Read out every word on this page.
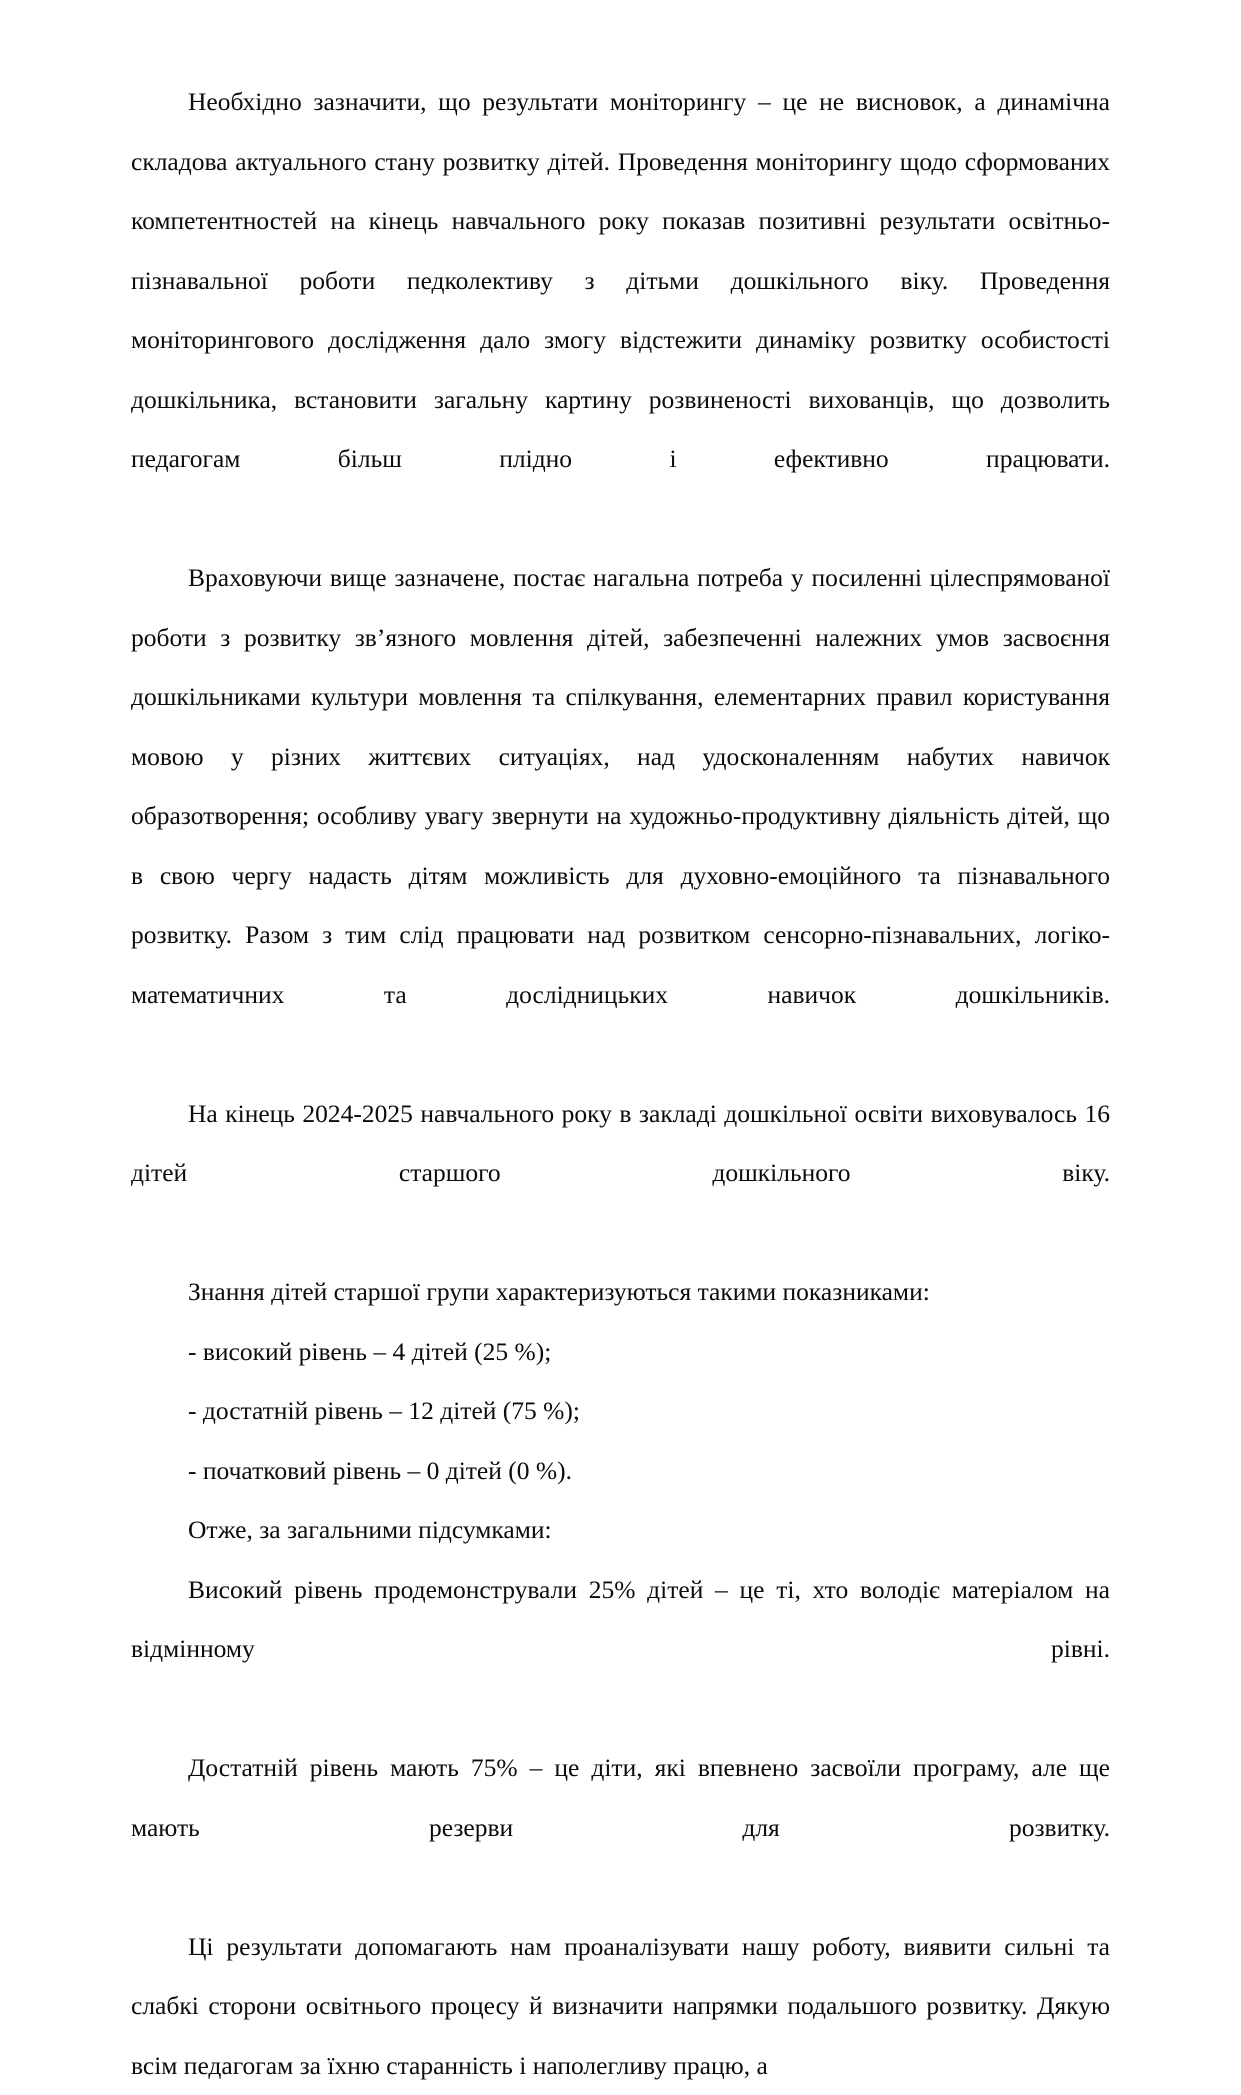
Необхідно зазначити, що результати моніторингу – це не висновок, а динамічна складова актуального стану розвитку дітей. Проведення моніторингу щодо сформованих компетентностей на кінець навчального року показав позитивні результати освітньо-пізнавальної роботи педколективу з дітьми дошкільного віку. Проведення моніторингового дослідження дало змогу відстежити динаміку розвитку особистості дошкільника, встановити загальну картину розвиненості вихованців, що дозволить педагогам більш плідно і ефективно працювати.

Враховуючи вище зазначене, постає нагальна потреба у посиленні цілеспрямованої роботи з розвитку зв’язного мовлення дітей, забезпеченні належних умов засвоєння дошкільниками культури мовлення та спілкування, елементарних правил користування мовою у різних життєвих ситуаціях, над удосконаленням набутих навичок образотворення; особливу увагу звернути на художньо-продуктивну діяльність дітей, що в свою чергу надасть дітям можливість для духовно-емоційного та пізнавального розвитку. Разом з тим слід працювати над розвитком сенсорно-пізнавальних, логіко-математичних та дослідницьких навичок дошкільників.

На кінець 2024-2025 навчального року в закладі дошкільної освіти виховувалось 16 дітей старшого дошкільного віку.

Знання дітей старшої групи характеризуються такими показниками:

- високий рівень – 4 дітей (25 %);

- достатній рівень – 12 дітей (75 %);

- початковий рівень – 0 дітей (0 %).

Отже, за загальними підсумками:

Високий рівень продемонстрували 25% дітей – це ті, хто володіє матеріалом на відмінному рівні.

Достатній рівень мають 75% – це діти, які впевнено засвоїли програму, але ще мають резерви для розвитку.

Ці результати допомагають нам проаналізувати нашу роботу, виявити сильні та слабкі сторони освітнього процесу й визначити напрямки подальшого розвитку. Дякую всім педагогам за їхню старанність і наполегливу працю, а
